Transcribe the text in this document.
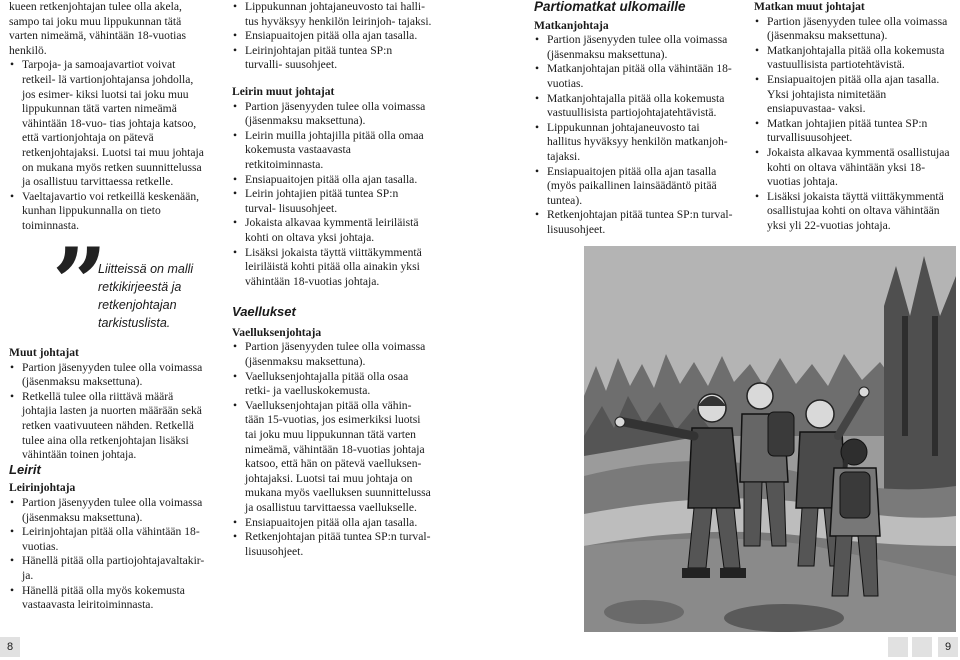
kueen retkenjohtajan tulee olla akela,

sampo tai joku muu lippukunnan tätä

varten nimeämä, vähintään 18-vuotias

henkilö.

• Tarpoja- ja samoajavartiot voivat retkeil- lä vartionjohtajansa johdolla, jos esimer- kiksi luotsi tai joku muu lippukunnan tätä varten nimeämä vähintään 18-vuo- tias johtaja katsoo, että vartionjohtaja on pätevä retkenjohtajaksi. Luotsi tai muu johtaja on mukana myös retken suunnittelussa ja osallistuu tarvittaessa retkelle.
• Vaeltajavartio voi retkeillä keskenään, kunhan lippukunnalla on tieto toiminnasta.
”
Liitteissä on malli
retkikirjeestä ja
retkenjohtajan
tarkistuslista.

Muut johtajat

• Partion jäsenyyden tulee olla voimassa (jäsenmaksu maksettuna).
• Retkellä tulee olla riittävä määrä johtajia lasten ja nuorten määrään sekä retken vaativuuteen nähden. Retkellä tulee aina olla retkenjohtajan lisäksi vähintään toinen johtaja.

Leirit

Leirinjohtaja

• Partion jäsenyyden tulee olla voimassa (jäsenmaksu maksettuna).
• Leirinjohtajan pitää olla vähintään 18-vuotias.
• Hänellä pitää olla partiojohtajavaltakir- ja.
• Hänellä pitää olla myös kokemusta vastaavasta leiritoiminnasta.
• Lippukunnan johtajaneuvosto tai halli- tus hyväksyy henkilön leirinjoh- tajaksi.
• Ensiapuaitojen pitää olla ajan tasalla.
• Leirinjohtajan pitää tuntea SP:n turvalli- suusohjeet.

Leirin muut johtajat

• Partion jäsenyyden tulee olla voimassa (jäsenmaksu maksettuna).
• Leirin muilla johtajilla pitää olla omaa kokemusta vastaavasta retkitoiminnasta.
• Ensiapuaitojen pitää olla ajan tasalla.
• Leirin johtajien pitää tuntea SP:n turval- lisuusohjeet.
• Jokaista alkavaa kymmentä leiriläistä kohti on oltava yksi johtaja.
• Lisäksi jokaista täyttä viittäkymmentä leiriläistä kohti pitää olla ainakin yksi vähintään 18-vuotias johtaja.

Vaellukset

Vaelluksenjohtaja

• Partion jäsenyyden tulee olla voimassa (jäsenmaksu maksettuna).
• Vaelluksenjohtajalla pitää olla osaa retki- ja vaelluskokemusta.
• Vaelluksenjohtajan pitää olla vähin- tään 15-vuotias, jos esimerkiksi luotsi tai joku muu lippukunnan tätä varten nimeämä, vähintään 18-vuotias johtaja katsoo, että hän on pätevä vaelluksen- johtajaksi. Luotsi tai muu johtaja on mukana myös vaelluksen suunnittelussa ja osallistuu tarvittaessa vaellukselle.
• Ensiapuaitojen pitää olla ajan tasalla.
• Retkenjohtajan pitää tuntea SP:n turval- lisuusohjeet.

Partiomatkat ulkomaille

Matkanjohtaja

• Partion jäsenyyden tulee olla voimassa (jäsenmaksu maksettuna).
• Matkanjohtajan pitää olla vähintään 18-vuotias.
• Matkanjohtajalla pitää olla kokemusta vastuullisista partiojohtajatehtävistä.
• Lippukunnan johtajaneuvosto tai hallitus hyväksyy henkilön matkanjoh- tajaksi.
• Ensiapuaitojen pitää olla ajan tasalla (myös paikallinen lainsäädäntö pitää tuntea).
• Retkenjohtajan pitää tuntea SP:n turval- lisuusohjeet.

Matkan muut johtajat

• Partion jäsenyyden tulee olla voimassa (jäsenmaksu maksettuna).
• Matkanjohtajalla pitää olla kokemusta vastuullisista partiotehtävistä.
• Ensiapuaitojen pitää olla ajan tasalla. Yksi johtajista nimitetään ensiapuvastaa- vaksi.
• Matkan johtajien pitää tuntea SP:n turvallisuusohjeet.
• Jokaista alkavaa kymmentä osallistujaa kohti on oltava vähintään yksi 18- vuotias johtaja.
• Lisäksi jokaista täyttä viittäkymmentä osallistujaa kohti on oltava vähintään yksi yli 22-vuotias johtaja.
8	9
